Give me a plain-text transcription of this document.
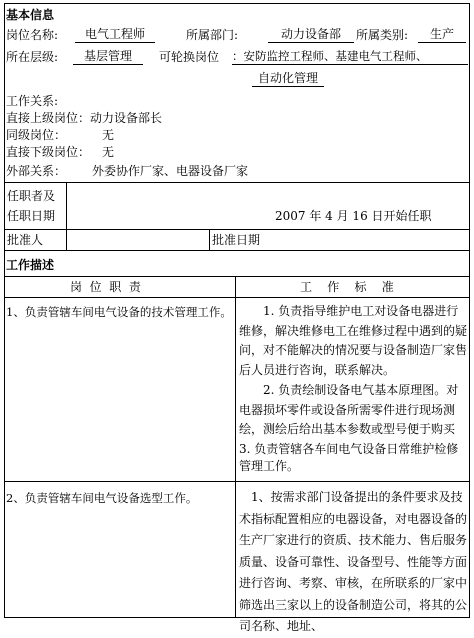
基本信息
岗位名称:	电气工程师	所属部门:	动力设备部	所属类别:	生产
所在层级:	基层管理	可轮换岗位 ：安防监控工程师、基建电气工程师、
自动化管理
工作关系:
直接上级岗位：动力设备部长
同级岗位：	无
直接下级岗位： 无
外部关系： 外委协作厂家、电器设备厂家
任职者及
任职日期	2007 年 4 月 16 日开始任职
批准人	批准日期
工作描述
岗  位  职  责	工    作    标    准
1、负责管辖车间电气设备的技术管理工作。	1. 负责指导维护电工对设备电器进行维修，解决维修电工在维修过程中遇到的疑问，对不能解决的情况要与设备制造厂家售后人员进行咨询，联系解决。
2. 负责绘制设备电气基本原理图。对电器损坏零件或设备所需零件进行现场测绘，测绘后给出基本参数或型号便于购买
3. 负责管辖各车间电气设备日常维护检修管理工作。
2、负责管辖车间电气设备选型工作。	1、按需求部门设备提出的条件要求及技术指标配置相应的电器设备，对电器设备的生产厂家进行的资质、技术能力、售后服务质量、设备可靠性、设备型号、性能等方面进行咨询、考察、审核，在所联系的厂家中筛选出三家以上的设备制造公司，将其的公司名称、地址、
